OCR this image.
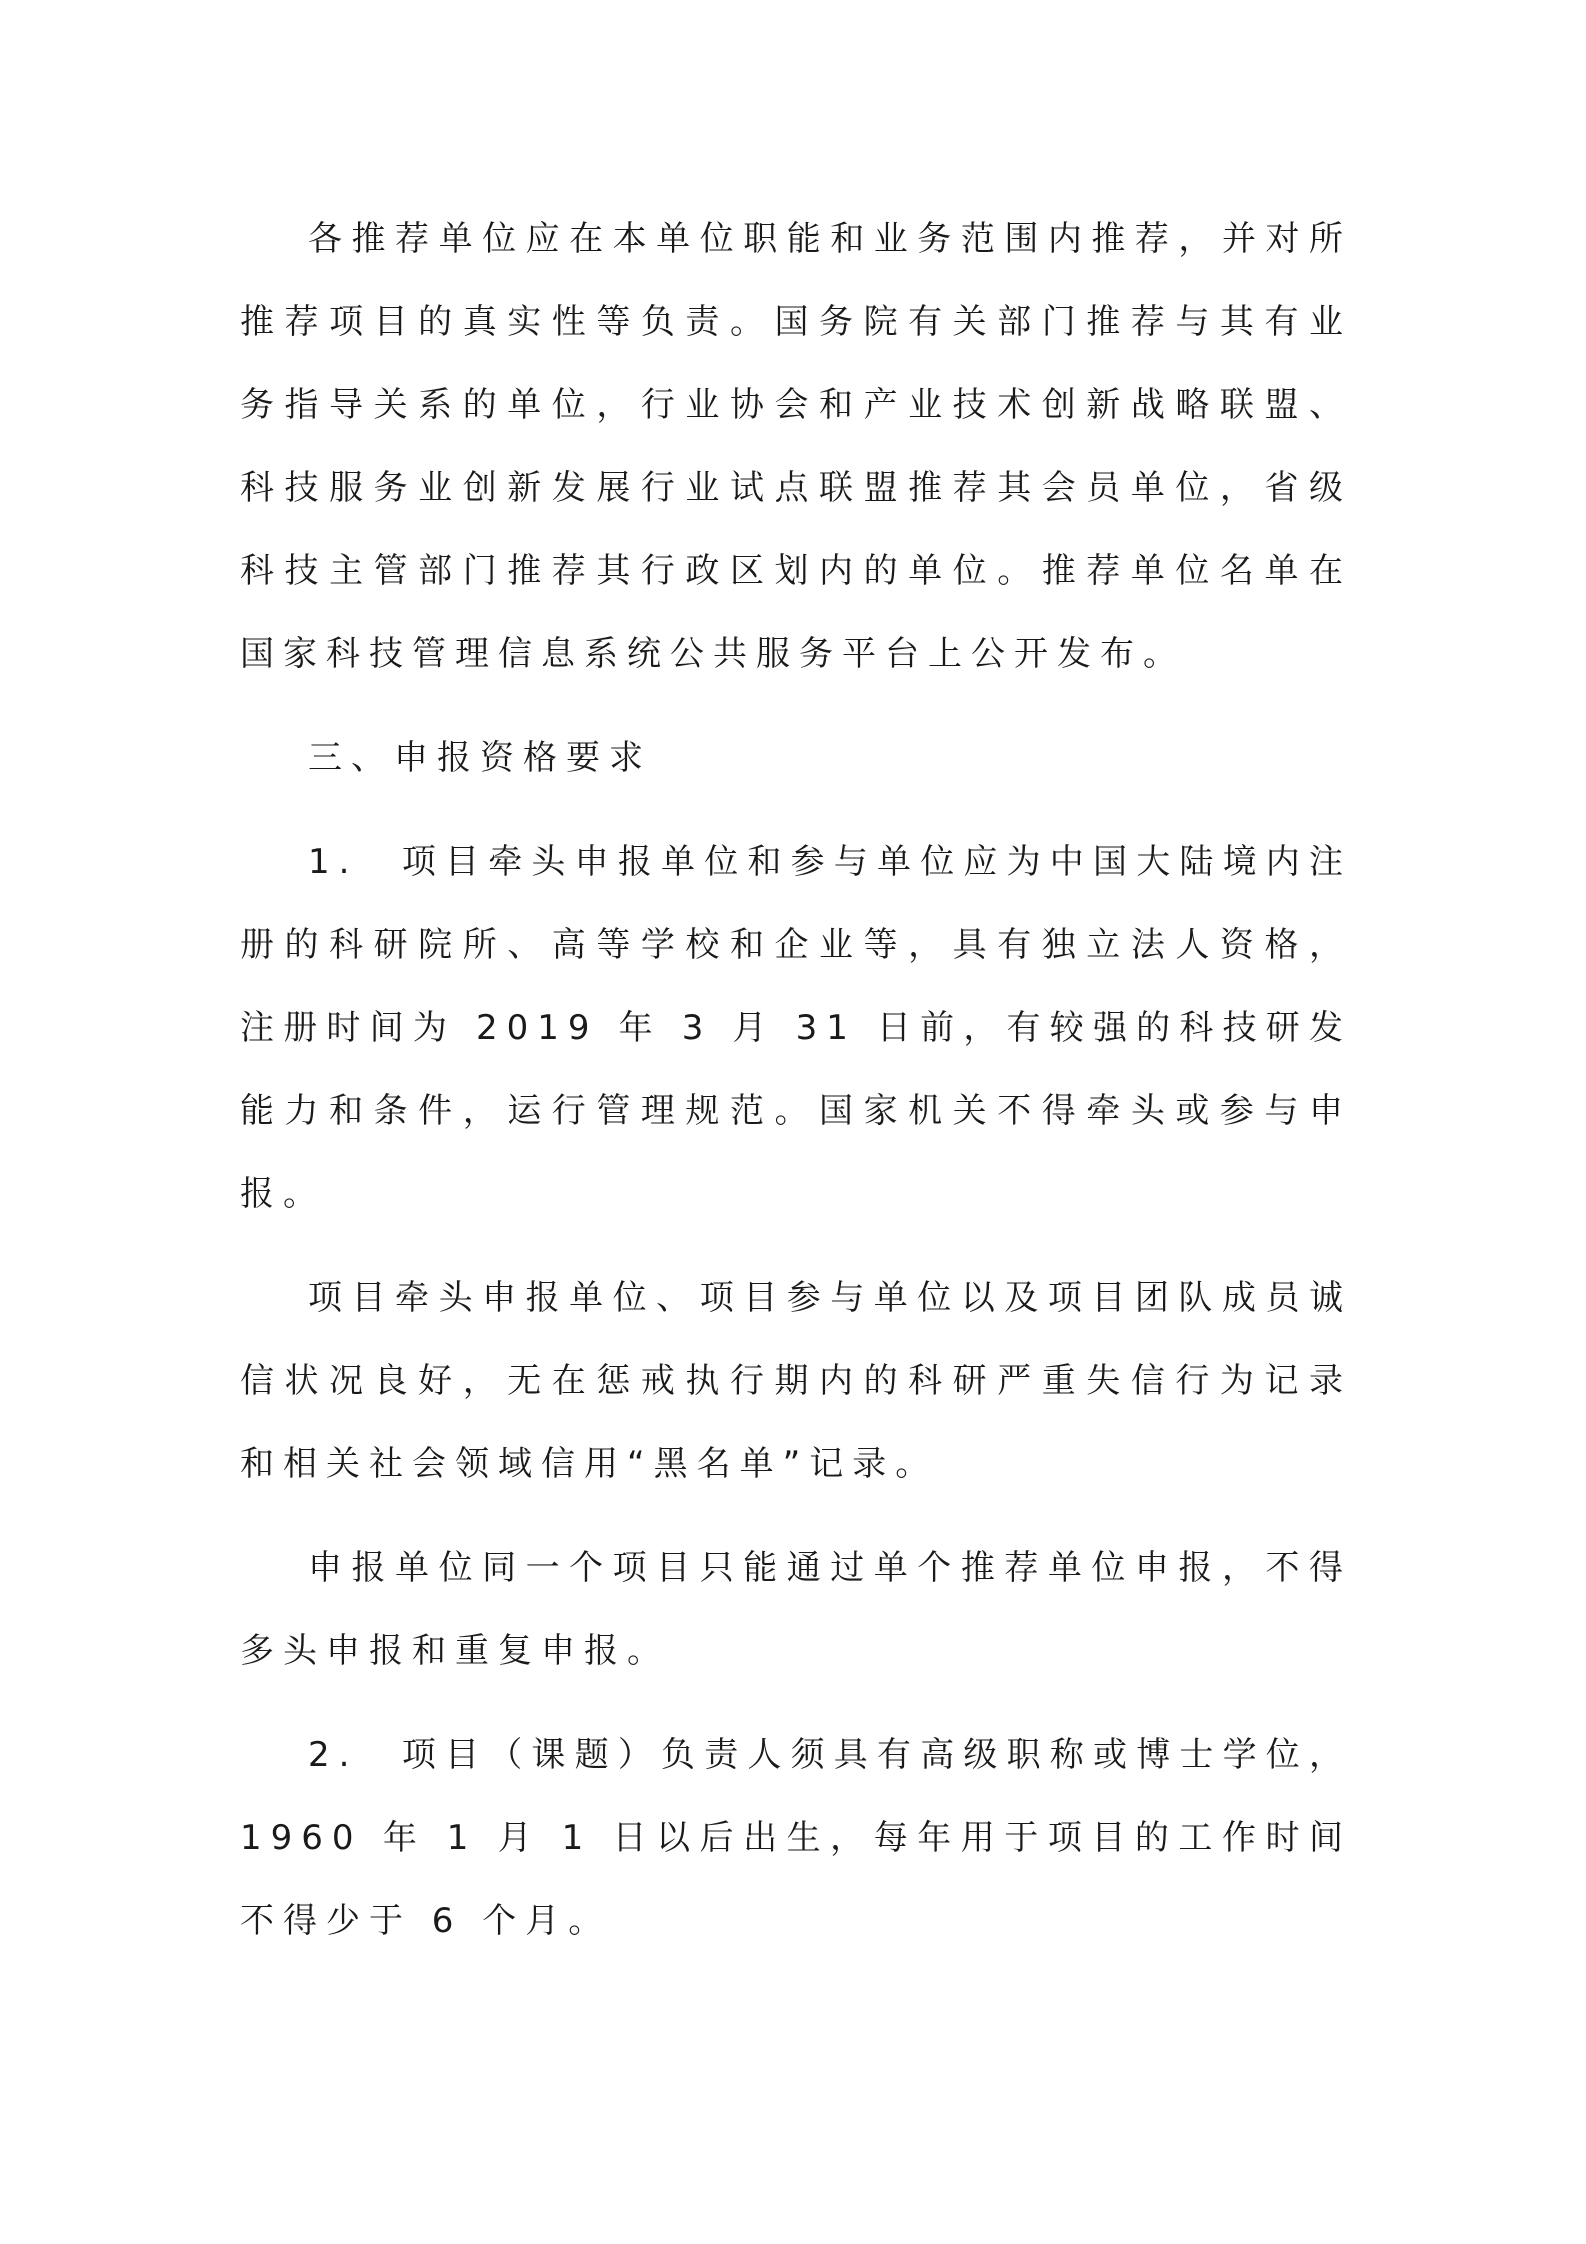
各推荐单位应在本单位职能和业务范围内推荐，并对所推荐项目的真实性等负责。国务院有关部门推荐与其有业务指导关系的单位，行业协会和产业技术创新战略联盟、科技服务业创新发展行业试点联盟推荐其会员单位，省级科技主管部门推荐其行政区划内的单位。推荐单位名单在国家科技管理信息系统公共服务平台上公开发布。

三、申报资格要求

1.　项目牵头申报单位和参与单位应为中国大陆境内注册的科研院所、高等学校和企业等，具有独立法人资格，注册时间为 2019 年 3 月 31 日前，有较强的科技研发能力和条件，运行管理规范。国家机关不得牵头或参与申报。

项目牵头申报单位、项目参与单位以及项目团队成员诚信状况良好，无在惩戒执行期内的科研严重失信行为记录和相关社会领域信用“黑名单”记录。

申报单位同一个项目只能通过单个推荐单位申报，不得多头申报和重复申报。

2.　项目（课题）负责人须具有高级职称或博士学位，1960 年 1 月 1 日以后出生，每年用于项目的工作时间不得少于 6 个月。
